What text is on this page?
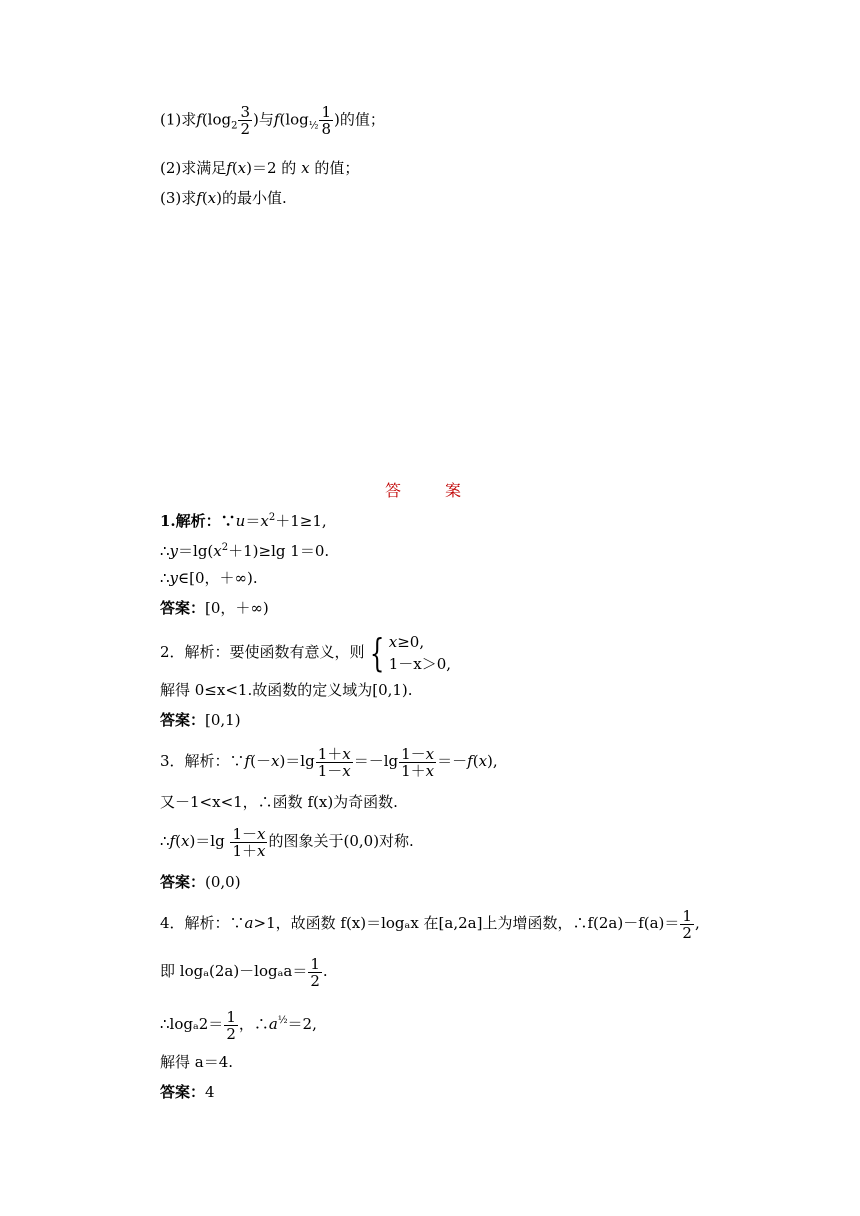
(1)求$f(\log_2 \frac{3}{2}$ )与$f(\log_{\frac{1}{2}} \frac{1}{8}$ )的值；
(2)求满足f(x)＝2 的 x 的值；
(3)求f(x)的最小值.
答　案
1.解析：$\because u=x^2+1\ge 1$,
$\therefore y=\lg(x^2+1)\ge\lg$ 1＝0.
∴y∈[0，＋∞).
答案：[0，＋∞)
2．解析：要使函数有意义，则 { x≥0,
1－x＞0,
解得 0≤x<1.故函数的定义域为[0,1).
答案：[0,1)
3．解析：∵f(－x)＝lg $\frac{1+x}{1-x} =-\lg \frac{1-x}{1+x} =-f(x)$,
又－1<x<1，∴函数 f(x)为奇函数.
∴f(x)＝lg $\frac{1-x}{1+x}$ 的图象关于(0,0)对称.
答案：(0,0)
4．解析：∵a>1，故函数 f(x)＝logₐx 在[a,2a]上为增函数，∴f(2a)－f(a)＝ $\frac{1}{2}$ ,
即 $\log_a(2a)-\log_aa= \frac{1}{2}$ .
∴logₐ2＝ $\frac{1}{2}$ ，$\therefore a^{\frac{1}{2}}=2$,
解得 a＝4.
答案：4
